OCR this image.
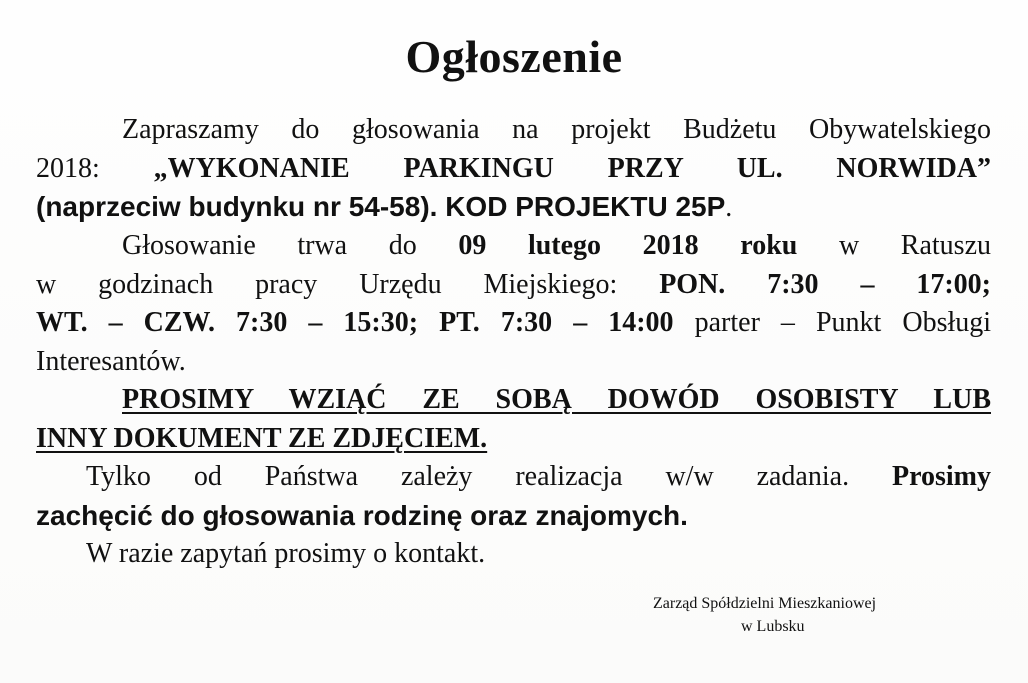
Ogłoszenie
Zapraszamy do głosowania na projekt Budżetu Obywatelskiego
2018: „WYKONANIE PARKINGU PRZY UL. NORWIDA”
(naprzeciw budynku nr 54-58). KOD PROJEKTU 25P.
Głosowanie trwa do 09 lutego 2018 roku w Ratuszu
w godzinach pracy Urzędu Miejskiego: PON. 7:30 – 17:00;
WT. – CZW. 7:30 – 15:30; PT. 7:30 – 14:00 parter – Punkt Obsługi
Interesantów.
PROSIMY WZIĄĆ ZE SOBĄ DOWÓD OSOBISTY LUB
INNY DOKUMENT ZE ZDJĘCIEM.
Tylko od Państwa zależy realizacja w/w zadania. Prosimy
zachęcić do głosowania rodzinę oraz znajomych.
W razie zapytań prosimy o kontakt.
Zarząd Spółdzielni Mieszkaniowej
w Lubsku
